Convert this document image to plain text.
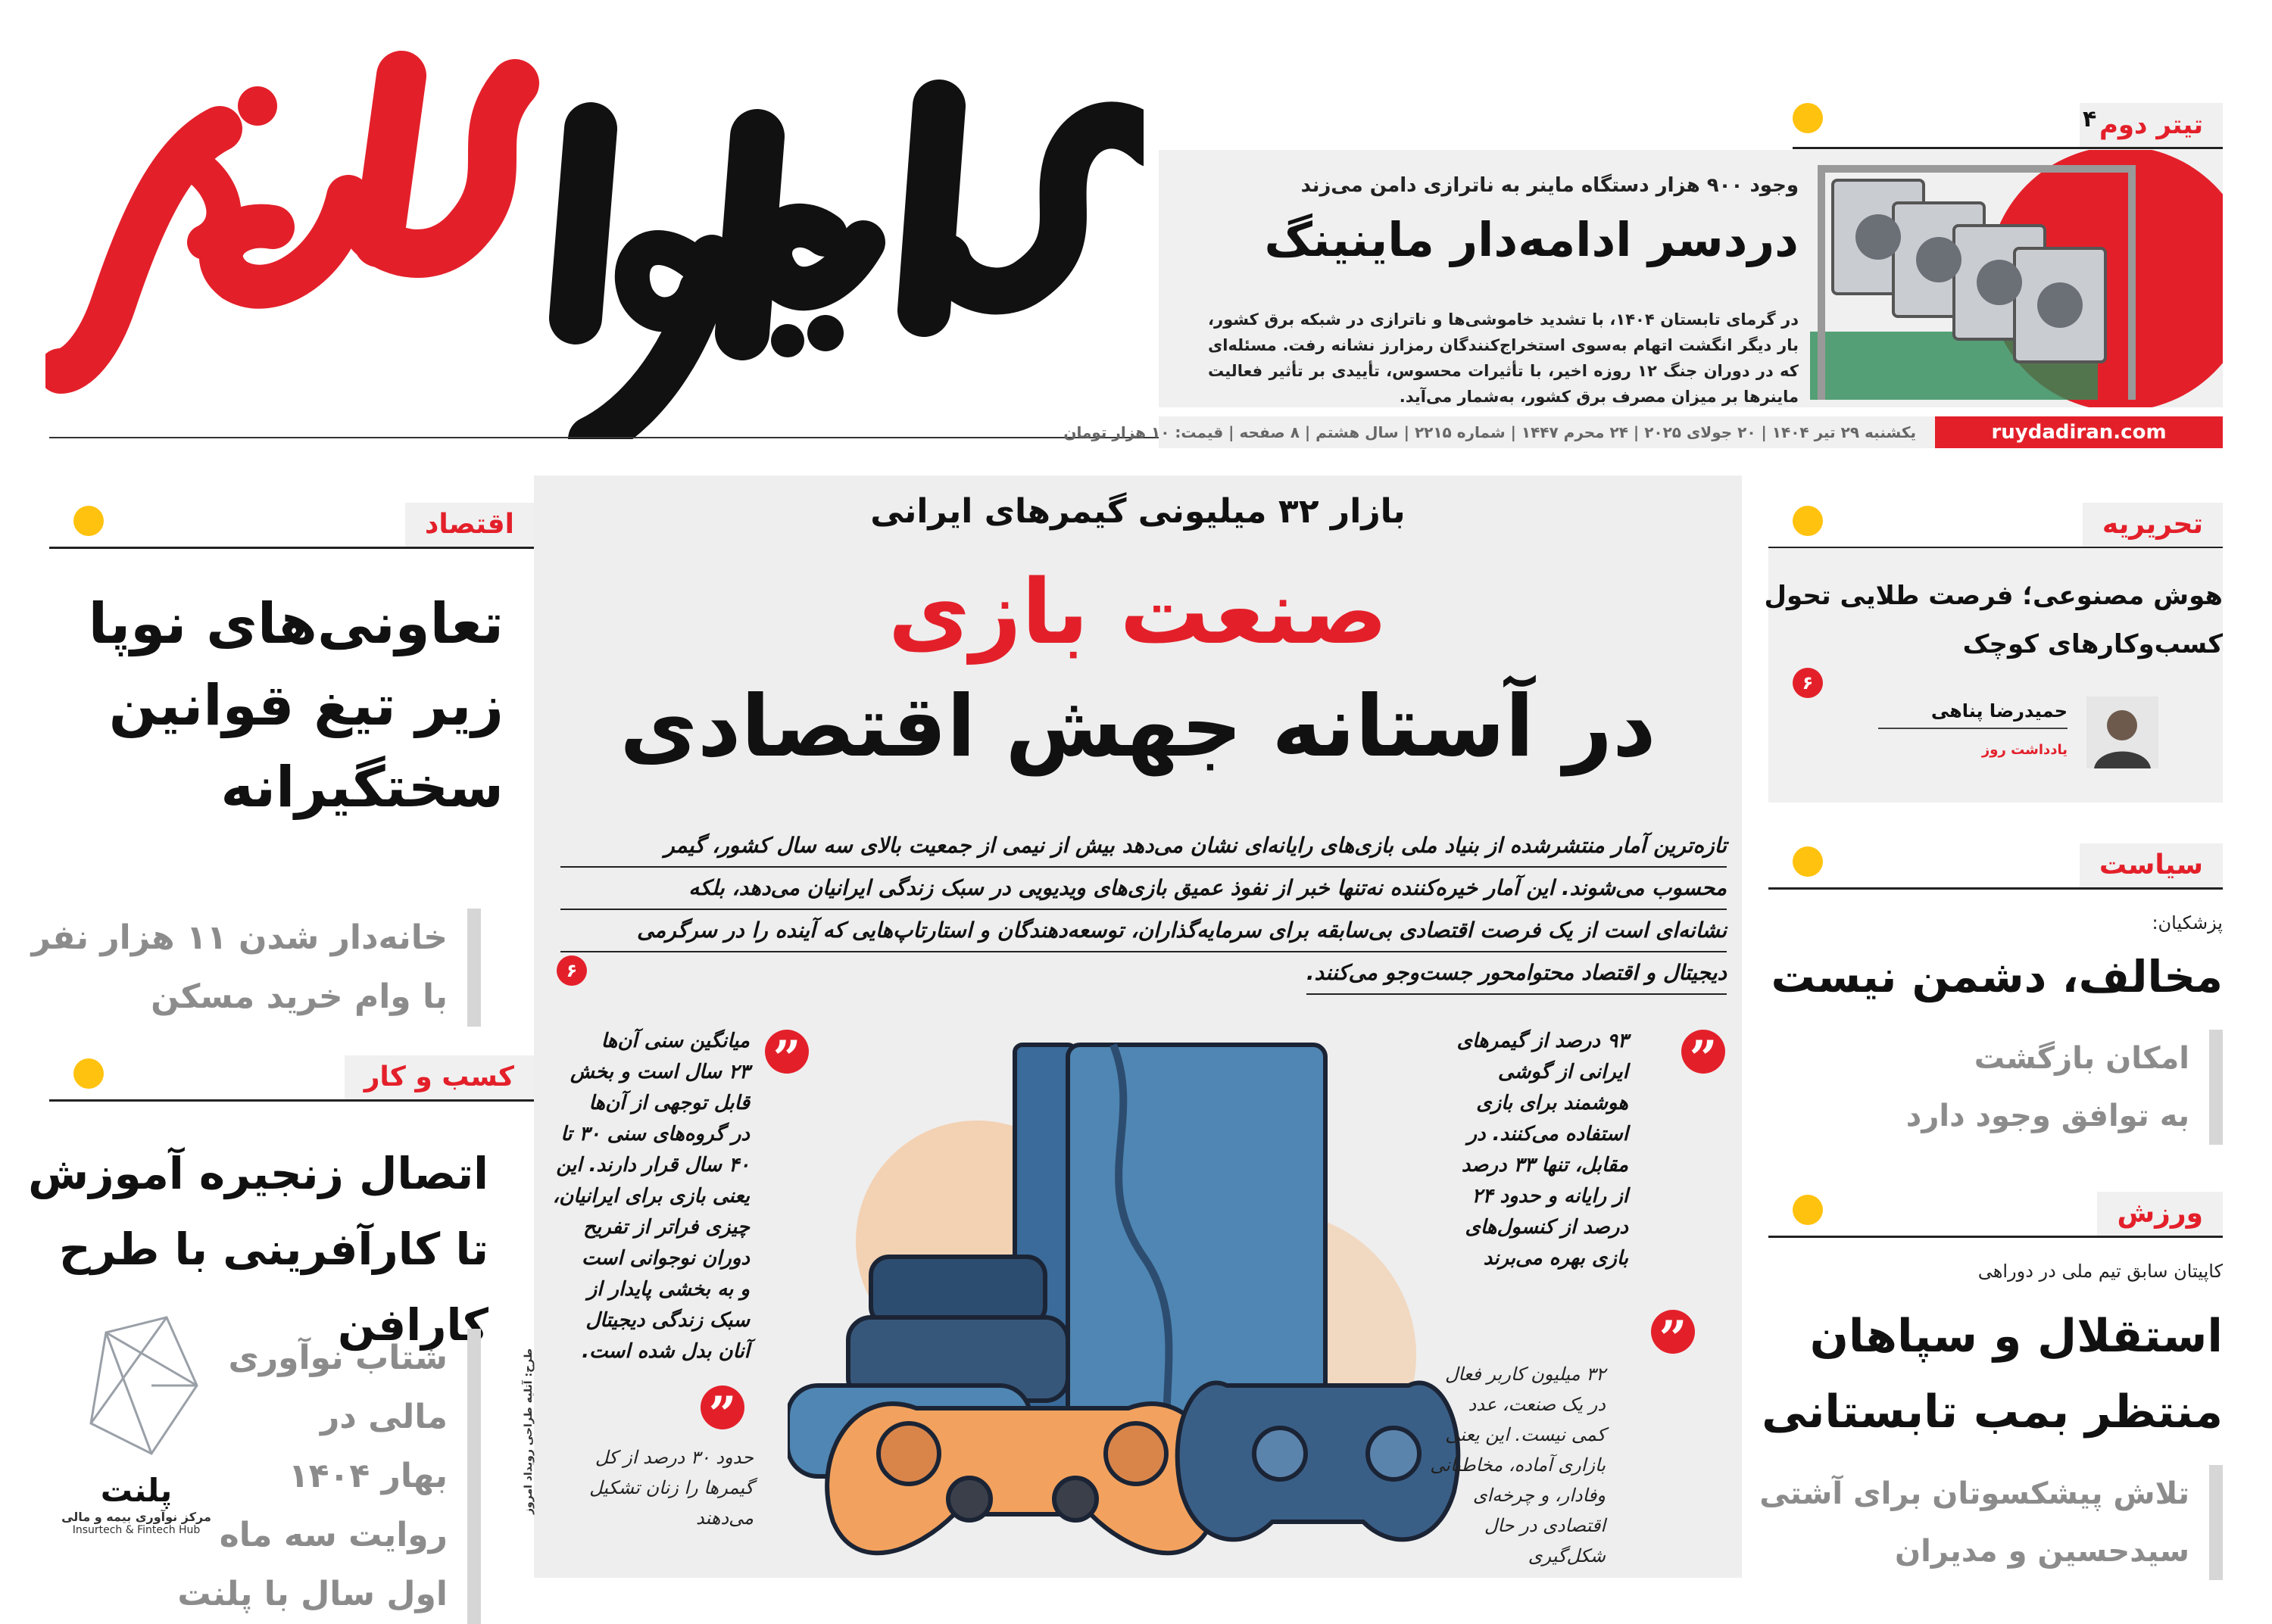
تیتر دوم
۴
وجود ۹۰۰ هزار دستگاه ماینر به ناترازی دامن می‌زند
دردسر ادامه‌دار ماینینگ
در گرمای تابستان ۱۴۰۴، با تشدید خاموشی‌ها و ناترازی در شبکه برق کشور، بار دیگر انگشت اتهام به‌سوی استخراج‌کنندگان رمزارز نشانه رفت. مسئله‌ای که در دوران جنگ ۱۲ روزه اخیر، با تأثیرات محسوس، تأییدی بر تأثیر فعالیت ماینرها بر میزان مصرف برق کشور، به‌شمار می‌آید.
ruydadiran.com
یکشنبه ۲۹ تیر ۱۴۰۴ | ۲۰ جولای ۲۰۲۵ | ۲۴ محرم ۱۴۴۷ | شماره ۲۲۱۵ | سال هشتم | ۸ صفحه | قیمت: ۱۰ هزار تومان
اقتصاد
تعاونی‌های نوپا
زیر تیغ قوانین
سختگیرانه
خانه‌دار شدن ۱۱ هزار نفر
با وام خرید مسکن
کسب و کار
اتصال زنجیره آموزش
تا کارآفرینی با طرح کارافن
شتاب نوآوری
مالی در
بهار ۱۴۰۴
روایت سه ماه
اول سال با پلنت
پلنت
مرکز نوآوری بیمه و مالی
Insurtech & Fintech Hub
بازار ۳۲ میلیونی گیمرهای ایرانی
صنعت بازی
در آستانه جهش اقتصادی
تازه‌ترین آمار منتشرشده از بنیاد ملی بازی‌های رایانه‌ای نشان می‌دهد بیش از نیمی از جمعیت بالای سه سال کشور، گیمر
محسوب می‌شوند. این آمار خیره‌کننده نه‌تنها خبر از نفوذ عمیق بازی‌های ویدیویی در سبک زندگی ایرانیان می‌دهد، بلکه
نشانه‌ای است از یک فرصت اقتصادی بی‌سابقه برای سرمایه‌گذاران، توسعه‌دهندگان و استارتاپ‌هایی که آینده را در سرگرمی
دیجیتال و اقتصاد محتوامحور جست‌وجو می‌کنند.
۶
”
۹۳ درصد از گیمرهای
ایرانی از گوشی
هوشمند برای بازی
استفاده می‌کنند. در
مقابل، تنها ۳۳ درصد
از رایانه و حدود ۲۴
درصد از کنسول‌های
بازی بهره می‌برند
”
۳۲ میلیون کاربر فعال
در یک صنعت، عدد
کمی نیست. این یعنی
بازاری آماده، مخاطبانی
وفادار، و چرخه‌ای
اقتصادی در حال
شکل‌گیری
”
میانگین سنی آن‌ها
۲۳ سال است و بخش
قابل توجهی از آن‌ها
در گروه‌های سنی ۳۰ تا
۴۰ سال قرار دارند. این
یعنی بازی برای ایرانیان،
چیزی فراتر از تفریح
دوران نوجوانی است
و به بخشی پایدار از
سبک زندگی دیجیتال
آنان بدل شده است.
”
حدود ۳۰ درصد از کل
گیمرها را زنان تشکیل
می‌دهند
طرح: آتلیه طراحی رویداد امروز
تحریریه
هوش مصنوعی؛ فرصت طلایی تحول
کسب‌وکارهای کوچک
۶
حمیدرضا پناهی
یادداشت روز
سیاست
پزشکیان:
مخالف، دشمن نیست
امکان بازگشت
به توافق وجود دارد
ورزش
کاپیتان سابق تیم ملی در دوراهی
استقلال و سپاهان
منتظر بمب تابستانی
تلاش پیشکسوتان برای آشتی
سیدحسین و مدیران
